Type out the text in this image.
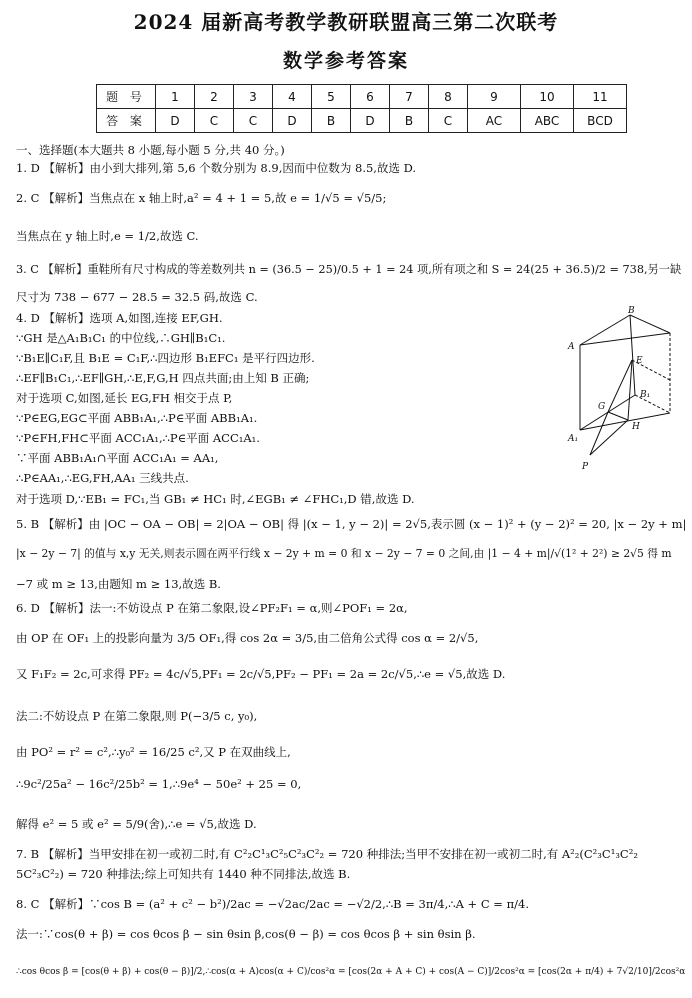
2024 届新高考教学教研联盟高三第二次联考
数学参考答案
题 号	1	2	3	4	5	6	7	8	9	10	11
答 案	D	C	C	D	B	D	B	C	AC	ABC	BCD
一、选择题(本大题共 8 小题,每小题 5 分,共 40 分。)
1. D 【解析】由小到大排列,第 5,6 个数分别为 8.9,因而中位数为 8.5,故选 D.
2. C 【解析】当焦点在 x 轴上时,a² = 4 + 1 = 5,故 e = 1/√5 = √5/5;
当焦点在 y 轴上时,e = 1/2,故选 C.
3. C 【解析】重鞋所有尺寸构成的等差数列共 n = (36.5 − 25)/0.5 + 1 = 24 项,所有项之和 S = 24(25 + 36.5)/2 = 738,另一缺
尺寸为 738 − 677 − 28.5 = 32.5 码,故选 C.
4. D 【解析】选项 A,如图,连接 EF,GH.
∵GH 是△A₁B₁C₁ 的中位线,∴GH∥B₁C₁.
∵B₁E∥C₁F,且 B₁E = C₁F,∴四边形 B₁EFC₁ 是平行四边形.
∴EF∥B₁C₁,∴EF∥GH,∴E,F,G,H 四点共面;由上知 B 正确;
对于选项 C,如图,延长 EG,FH 相交于点 P,
∵P∈EG,EG⊂平面 ABB₁A₁,∴P∈平面 ABB₁A₁.
∵P∈FH,FH⊂平面 ACC₁A₁,∴P∈平面 ACC₁A₁.
∵平面 ABB₁A₁∩平面 ACC₁A₁ = AA₁,
∴P∈AA₁,∴EG,FH,AA₁ 三线共点.
对于选项 D,∵EB₁ = FC₁,当 GB₁ ≠ HC₁ 时,∠EGB₁ ≠ ∠FHC₁,D 错,故选 D.
5. B 【解析】由 |OC − OA − OB| = 2|OA − OB| 得 |(x − 1, y − 2)| = 2√5,表示圆 (x − 1)² + (y − 2)² = 20, |x − 2y + m|
|x − 2y − 7| 的值与 x,y 无关,则表示圆在两平行线 x − 2y + m = 0 和 x − 2y − 7 = 0 之间,由 |1 − 4 + m|/√(1² + 2²) ≥ 2√5 得 m
−7 或 m ≥ 13,由题知 m ≥ 13,故选 B.
6. D 【解析】法一:不妨设点 P 在第二象限,设∠PF₂F₁ = α,则∠POF₁ = 2α,
由 OP 在 OF₁ 上的投影向量为 3/5 OF₁,得 cos 2α = 3/5,由二倍角公式得 cos α = 2/√5,
又 F₁F₂ = 2c,可求得 PF₂ = 4c/√5,PF₁ = 2c/√5,PF₂ − PF₁ = 2a = 2c/√5,∴e = √5,故选 D.
法二:不妨设点 P 在第二象限,则 P(−3/5 c, y₀),
由 PO² = r² = c²,∴y₀² = 16/25 c²,又 P 在双曲线上,
∴9c²/25a² − 16c²/25b² = 1,∴9e⁴ − 50e² + 25 = 0,
解得 e² = 5 或 e² = 5/9(舍),∴e = √5,故选 D.
7. B 【解析】当甲安排在初一或初二时,有 C²₂C¹₃C²₅C²₃C²₂ = 720 种排法;当甲不安排在初一或初二时,有 A²₂(C²₃C¹₃C²₂
5C²₃C²₂) = 720 种排法;综上可知共有 1440 种不同排法,故选 B.
8. C 【解析】∵cos B = (a² + c² − b²)/2ac = −√2ac/2ac = −√2/2,∴B = 3π/4,∴A + C = π/4.
法一:∵cos(θ + β) = cos θcos β − sin θsin β,cos(θ − β) = cos θcos β + sin θsin β.
∴cos θcos β = [cos(θ + β) + cos(θ − β)]/2,∴cos(α + A)cos(α + C)/cos²α = [cos(2α + A + C) + cos(A − C)]/2cos²α = [cos(2α + π/4) + 7√2/10]/2cos²α
B
A
E
B₁
G
A₁
H
P
